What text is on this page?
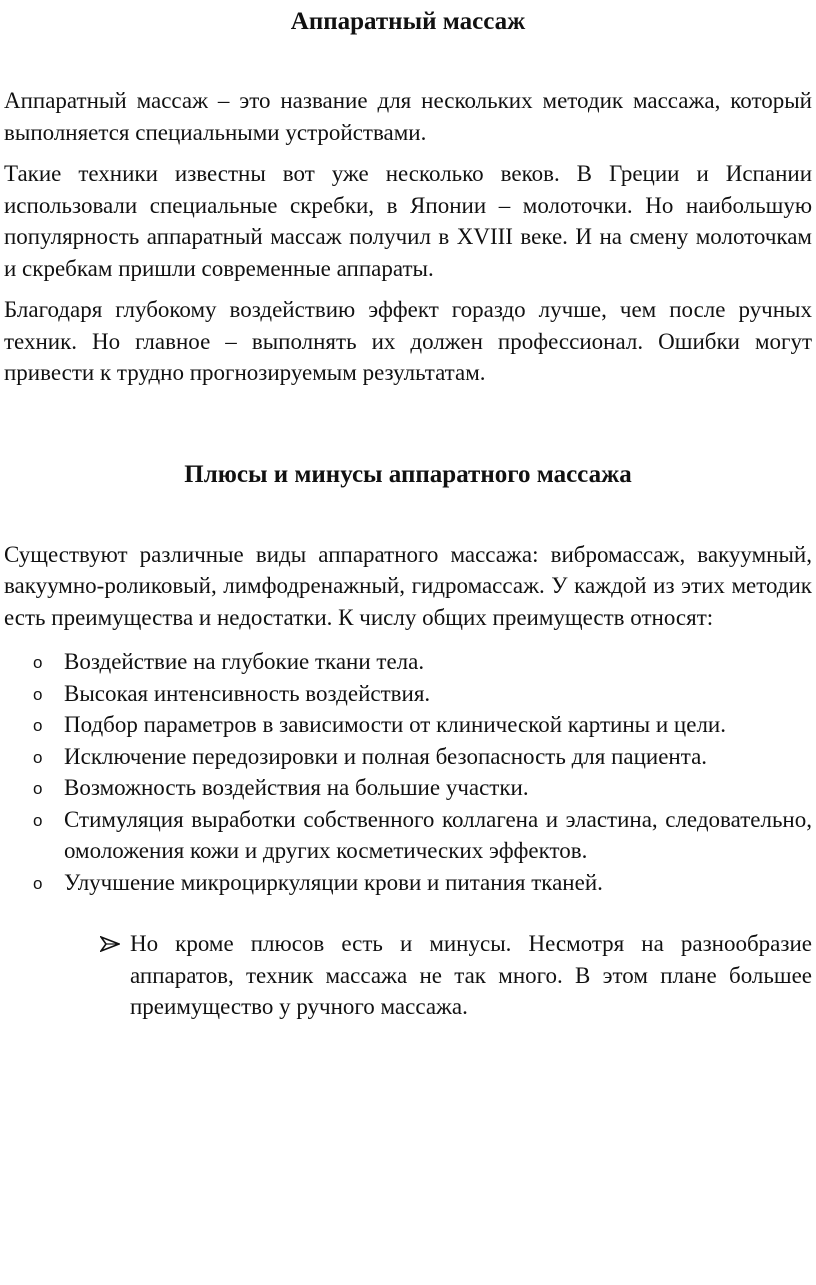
Аппаратный массаж

Аппаратный массаж – это название для нескольких методик массажа, который выполняется специальными устройствами.

Такие техники известны вот уже несколько веков. В Греции и Испании использовали специальные скребки, в Японии – молоточки. Но наибольшую популярность аппаратный массаж получил в XVIII веке. И на смену молоточкам и скребкам пришли современные аппараты.

Благодаря глубокому воздействию эффект гораздо лучше, чем после ручных техник. Но главное – выполнять их должен профессионал. Ошибки могут привести к трудно прогнозируемым результатам.

Плюсы и минусы аппаратного массажа

Существуют различные виды аппаратного массажа: вибромассаж, вакуумный, вакуумно-роликовый, лимфодренажный, гидромассаж. У каждой из этих методик есть преимущества и недостатки. К числу общих преимуществ относят:

o Воздействие на глубокие ткани тела.
o Высокая интенсивность воздействия.
o Подбор параметров в зависимости от клинической картины и цели.
o Исключение передозировки и полная безопасность для пациента.
o Возможность воздействия на большие участки.
o Стимуляция выработки собственного коллагена и эластина, следовательно, омоложения кожи и других косметических эффектов.
o Улучшение микроциркуляции крови и питания тканей.
Но кроме плюсов есть и минусы. Несмотря на разнообразие аппаратов, техник массажа не так много. В этом плане большее преимущество у ручного массажа.
